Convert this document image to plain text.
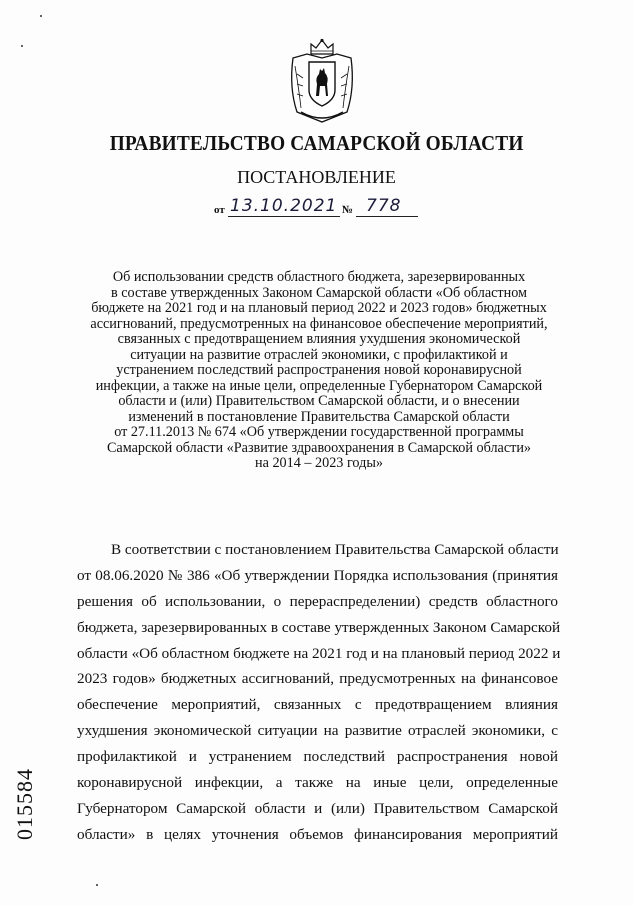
ПРАВИТЕЛЬСТВО САМАРСКОЙ ОБЛАСТИ
ПОСТАНОВЛЕНИЕ
от 13.10.2021 № 778
Об использовании средств областного бюджета, зарезервированных
в составе утвержденных Законом Самарской области «Об областном
бюджете на 2021 год и на плановый период 2022 и 2023 годов» бюджетных
ассигнований, предусмотренных на финансовое обеспечение мероприятий,
связанных с предотвращением влияния ухудшения экономической
ситуации на развитие отраслей экономики, с профилактикой и
устранением последствий распространения новой коронавирусной
инфекции, а также на иные цели, определенные Губернатором Самарской
области и (или) Правительством Самарской области, и о внесении
изменений в постановление Правительства Самарской области
от 27.11.2013 № 674 «Об утверждении государственной программы
Самарской области «Развитие здравоохранения в Самарской области»
на 2014 – 2023 годы»
В соответствии с постановлением Правительства Самарской области
от 08.06.2020 № 386 «Об утверждении Порядка использования (принятия
решения об использовании, о перераспределении) средств областного
бюджета, зарезервированных в составе утвержденных Законом Самарской
области «Об областном бюджете на 2021 год и на плановый период 2022 и
2023 годов» бюджетных ассигнований, предусмотренных на финансовое
обеспечение мероприятий, связанных с предотвращением влияния
ухудшения экономической ситуации на развитие отраслей экономики, с
профилактикой и устранением последствий распространения новой
коронавирусной инфекции, а также на иные цели, определенные
Губернатором Самарской области и (или) Правительством Самарской
области» в целях уточнения объемов финансирования мероприятий
015584
